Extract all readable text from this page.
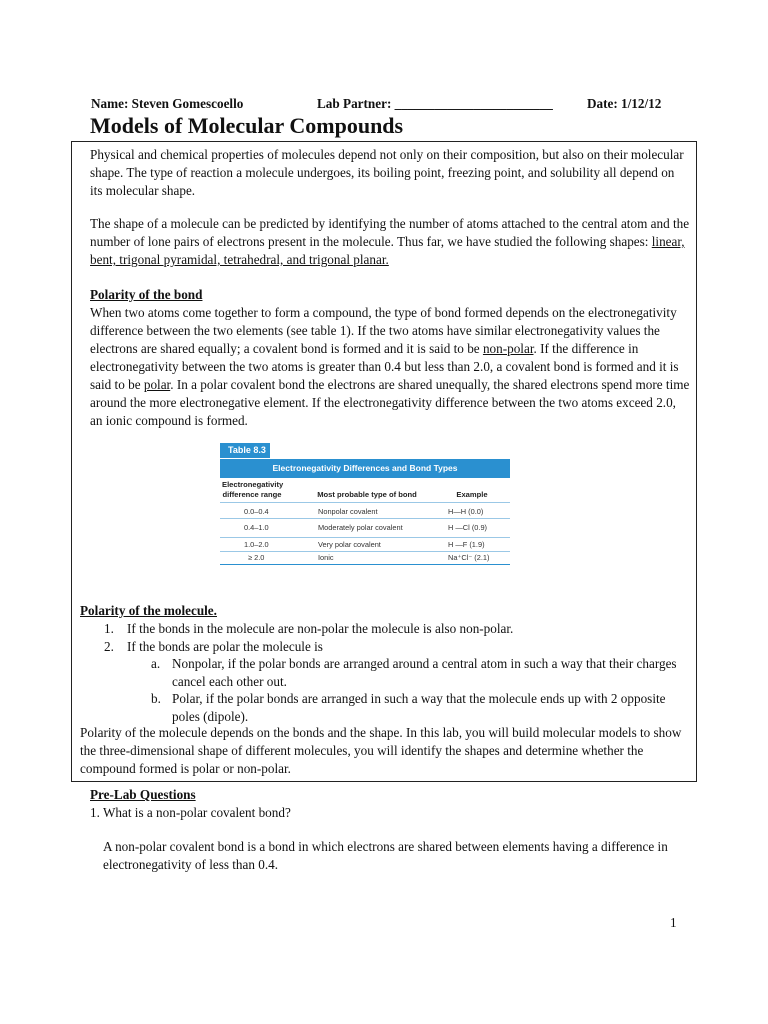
Name: Steven Gomescoello	Lab Partner: ________________________	Date: 1/12/12
Models of Molecular Compounds

Physical and chemical properties of molecules depend not only on their composition, but also on their molecular shape. The type of reaction a molecule undergoes, its boiling point, freezing point, and solubility all depend on its molecular shape.

The shape of a molecule can be predicted by identifying the number of atoms attached to the central atom and the number of lone pairs of electrons present in the molecule. Thus far, we have studied the following shapes: linear, bent, trigonal pyramidal, tetrahedral, and trigonal planar.

Polarity of the bond

When two atoms come together to form a compound, the type of bond formed depends on the electronegativity difference between the two elements (see table 1). If the two atoms have similar electronegativity values the electrons are shared equally; a covalent bond is formed and it is said to be non-polar. If the difference in electronegativity between the two atoms is greater than 0.4 but less than 2.0, a covalent bond is formed and it is said to be polar. In a polar covalent bond the electrons are shared unequally, the shared electrons spend more time around the more electronegative element. If the electronegativity difference between the two atoms exceed 2.0, an ionic compound is formed.

Table 8.3
Electronegativity Differences and Bond Types
Electronegativity difference range	Most probable type of bond	Example
0.0–0.4	Nonpolar covalent	H—H (0.0)
0.4–1.0	Moderately polar covalent	H —Cl (0.9)
1.0–2.0	Very polar covalent	H —F (1.9)
≥ 2.0	Ionic	Na⁺Cl⁻ (2.1)

Polarity of the molecule.

1. If the bonds in the molecule are non-polar the molecule is also non-polar.
2. If the bonds are polar the molecule is
a. Nonpolar, if the polar bonds are arranged around a central atom in such a way that their charges cancel each other out.
b. Polar, if the polar bonds are arranged in such a way that the molecule ends up with 2 opposite poles (dipole).

Polarity of the molecule depends on the bonds and the shape. In this lab, you will build molecular models to show the three-dimensional shape of different molecules, you will identify the shapes and determine whether the compound formed is polar or non-polar.

Pre-Lab Questions

1. What is a non-polar covalent bond?

A non-polar covalent bond is a bond in which electrons are shared between elements having a difference in electronegativity of less than 0.4.

1
